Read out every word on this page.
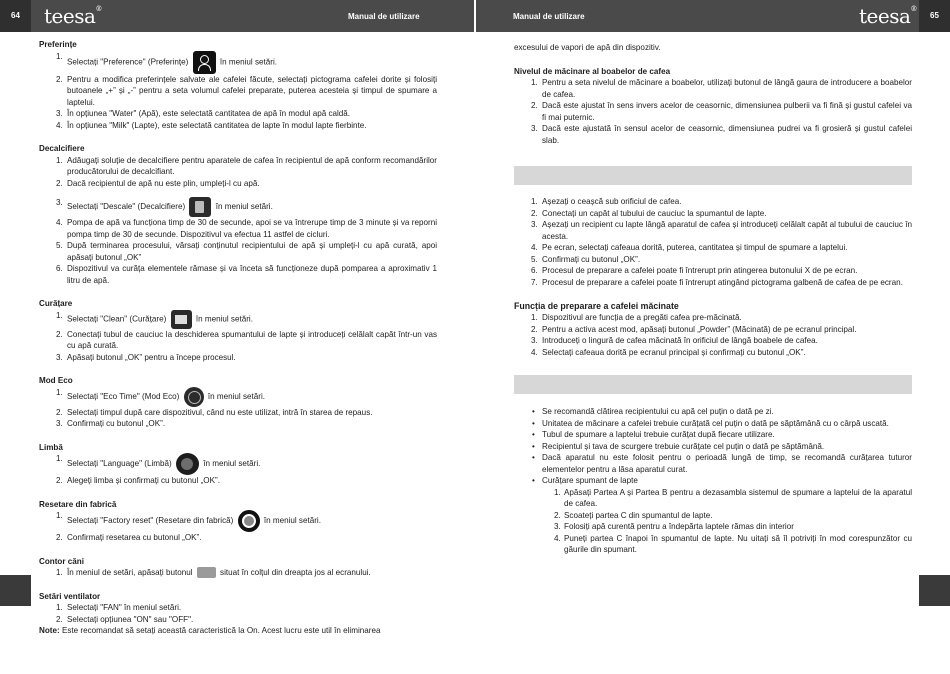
64	teesa®
Manual de utilizare	Manual de utilizare	teesa®
65
Preferințe
1.
Selectați "Preference" (Preferințe)	în meniul setări.
2. Pentru a modifica preferințele salvate ale cafelei făcute, selectați pictograma cafelei dorite și folosiți butoanele „+” și „-” pentru a seta volumul cafelei preparate, puterea acesteia și timpul de spumare a laptelui.
3. În opțiunea "Water" (Apă), este selectată cantitatea de apă în modul apă caldă.
4. În opțiunea "Milk" (Lapte), este selectată cantitatea de lapte în modul lapte fierbinte.
Decalcifiere
1. Adăugați soluție de decalcifiere pentru aparatele de cafea în recipientul de apă conform recomandărilor producătorului de decalcifiant.
2. Dacă recipientul de apă nu este plin, umpleți-l cu apă.
3. Selectați "Descale" (Decalcifiere)	în meniul setări.
4. Pompa de apă va funcționa timp de 30 de secunde, apoi se va întrerupe timp de 3 minute și va reporni pompa timp de 30 de secunde. Dispozitivul va efectua 11 astfel de cicluri.
5. După terminarea procesului, vărsați conținutul recipientului de apă și umpleți-l cu apă curată, apoi apăsați butonul „OK”
6. Dispozitivul va curăța elementele rămase și va înceta să funcționeze după pomparea a aproximativ 1 litru de apă.
Curățare
1. Selectați "Clean" (Curățare)	în meniul setări.
2. Conectați tubul de cauciuc la deschiderea spumantului de lapte și introduceți celălalt capăt într-un vas cu apă curată.
3. Apăsați butonul „OK” pentru a începe procesul.
Mod Eco
1. Selectați "Eco Time" (Mod Eco)	în meniul setări.
2. Selectați timpul după care dispozitivul, când nu este utilizat, intră în starea de repaus.
3. Confirmați cu butonul „OK”.
Limbă
1.
Selectați "Language" (Limbă)	în meniul setări.
2. Alegeți limba și confirmați cu butonul „OK”.
Resetare din fabrică
1.
Selectați "Factory reset" (Resetare din fabrică)	în meniul setări.
2. Confirmați resetarea cu butonul „OK”.
Contor căni
1. În meniul de setări, apăsați butonul	situat în colțul din dreapta jos al ecranului.
Setări ventilator
1. Selectați "FAN" în meniul setări.
2. Selectați opțiunea "ON" sau "OFF".

Note: Este recomandat să setați această caracteristică la On. Acest lucru este util în eliminarea

excesului de vapori de apă din dispozitiv.

Nivelul de măcinare al boabelor de cafea
1. Pentru a seta nivelul de măcinare a boabelor, utilizați butonul de lângă gaura de introducere a boabelor de cafea.
2. Dacă este ajustat în sens invers acelor de ceasornic, dimensiunea pulberii va fi fină și gustul cafelei va fi mai puternic.
3. Dacă este ajustată în sensul acelor de ceasornic, dimensiunea pudrei va fi grosieră și gustul cafelei slab.
1. Așezați o ceașcă sub orificiul de cafea.
2. Conectați un capăt al tubului de cauciuc la spumantul de lapte.
3. Așezați un recipient cu lapte lângă aparatul de cafea și introduceți celălalt capăt al tubului de cauciuc în acesta.
4. Pe ecran, selectați cafeaua dorită, puterea, cantitatea și timpul de spumare a laptelui.
5. Confirmați cu butonul „OK”.
6. Procesul de preparare a cafelei poate fi întrerupt prin atingerea butonului X de pe ecran.
7. Procesul de preparare a cafelei poate fi întrerupt atingând pictograma galbenă de cafea de pe ecran.
Funcția de preparare a cafelei măcinate
1. Dispozitivul are funcția de a pregăti cafea pre-măcinată.
2. Pentru a activa acest mod, apăsați butonul „Powder” (Măcinată) de pe ecranul principal.
3. Introduceți o lingură de cafea măcinată în orificiul de lângă boabele de cafea.
4. Selectați cafeaua dorită pe ecranul principal și confirmați cu butonul „OK”.
• Se recomandă clătirea recipientului cu apă cel puțin o dată pe zi.
• Unitatea de măcinare a cafelei trebuie curățată cel puțin o dată pe săptămână cu o cârpă uscată.
• Tubul de spumare a laptelui trebuie curățat după fiecare utilizare.
• Recipientul și tava de scurgere trebuie curățate cel puțin o dată pe săptămână.
• Dacă aparatul nu este folosit pentru o perioadă lungă de timp, se recomandă curățarea tuturor elementelor pentru a lăsa aparatul curat.
• Curățare spumant de lapte
1. Apăsați Partea A și Partea B pentru a dezasambla sistemul de spumare a laptelui de la aparatul de cafea.
2. Scoateți partea C din spumantul de lapte.
3. Folosiți apă curentă pentru a îndepărta laptele rămas din interior
4. Puneți partea C înapoi în spumantul de lapte. Nu uitați să îl potriviți în mod corespunzător cu găurile din spumant.
